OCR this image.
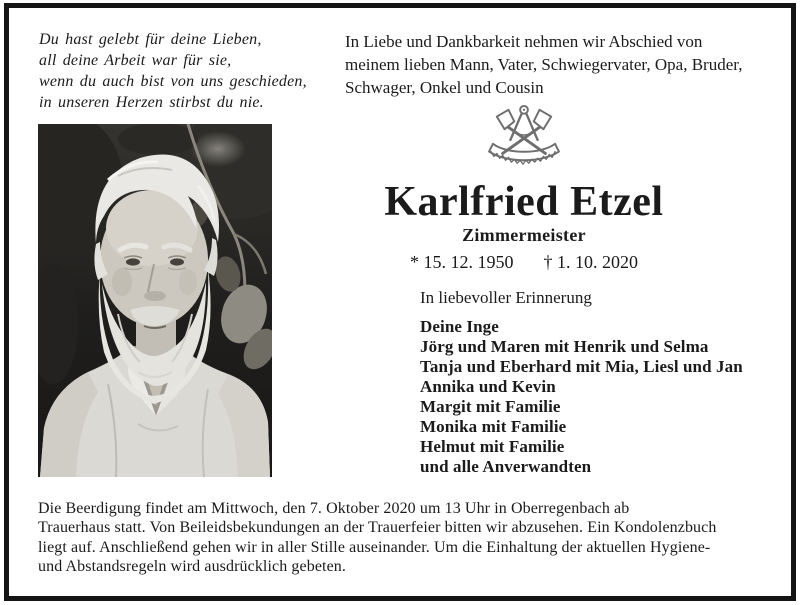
Du hast gelebt für deine Lieben,
all deine Arbeit war für sie,
wenn du auch bist von uns geschieden,
in unseren Herzen stirbst du nie.
In Liebe und Dankbarkeit nehmen wir Abschied von
meinem lieben Mann, Vater, Schwiegervater, Opa, Bruder,
Schwager, Onkel und Cousin
Karlfried Etzel
Zimmermeister
* 15. 12. 1950 † 1. 10. 2020
In liebevoller Erinnerung
Deine Inge
Jörg und Maren mit Henrik und Selma
Tanja und Eberhard mit Mia, Liesl und Jan
Annika und Kevin
Margit mit Familie
Monika mit Familie
Helmut mit Familie
und alle Anverwandten
Die Beerdigung findet am Mittwoch, den 7. Oktober 2020 um 13 Uhr in Oberregenbach ab
Trauerhaus statt. Von Beileidsbekundungen an der Trauerfeier bitten wir abzusehen. Ein Kondolenzbuch
liegt auf. Anschließend gehen wir in aller Stille auseinander. Um die Einhaltung der aktuellen Hygiene-
und Abstandsregeln wird ausdrücklich gebeten.
